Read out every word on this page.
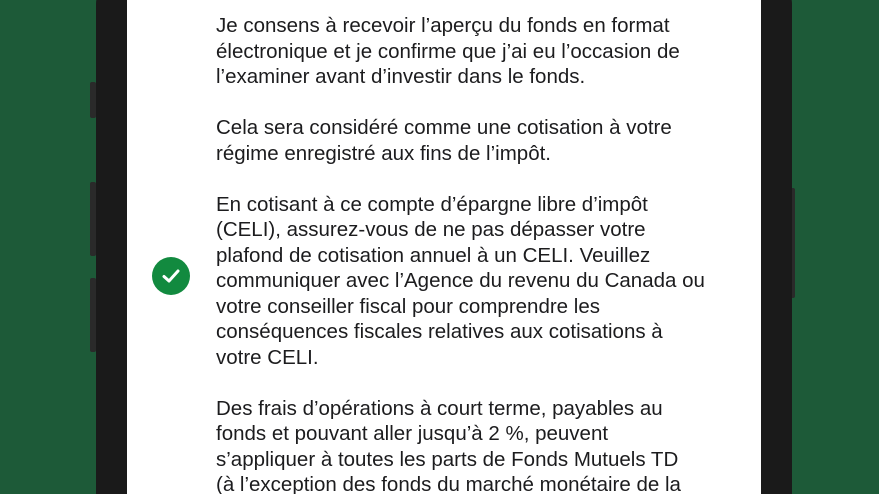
Je consens à recevoir l’aperçu du fonds en format
électronique et je confirme que j’ai eu l’occasion de
l’examiner avant d’investir dans le fonds.

Cela sera considéré comme une cotisation à votre
régime enregistré aux fins de l’impôt.

En cotisant à ce compte d’épargne libre d’impôt
(CELI), assurez-vous de ne pas dépasser votre
plafond de cotisation annuel à un CELI. Veuillez
communiquer avec l’Agence du revenu du Canada ou
votre conseiller fiscal pour comprendre les
conséquences fiscales relatives aux cotisations à
votre CELI.

Des frais d’opérations à court terme, payables au
fonds et pouvant aller jusqu’à 2 %, peuvent
s’appliquer à toutes les parts de Fonds Mutuels TD
(à l’exception des fonds du marché monétaire de la
